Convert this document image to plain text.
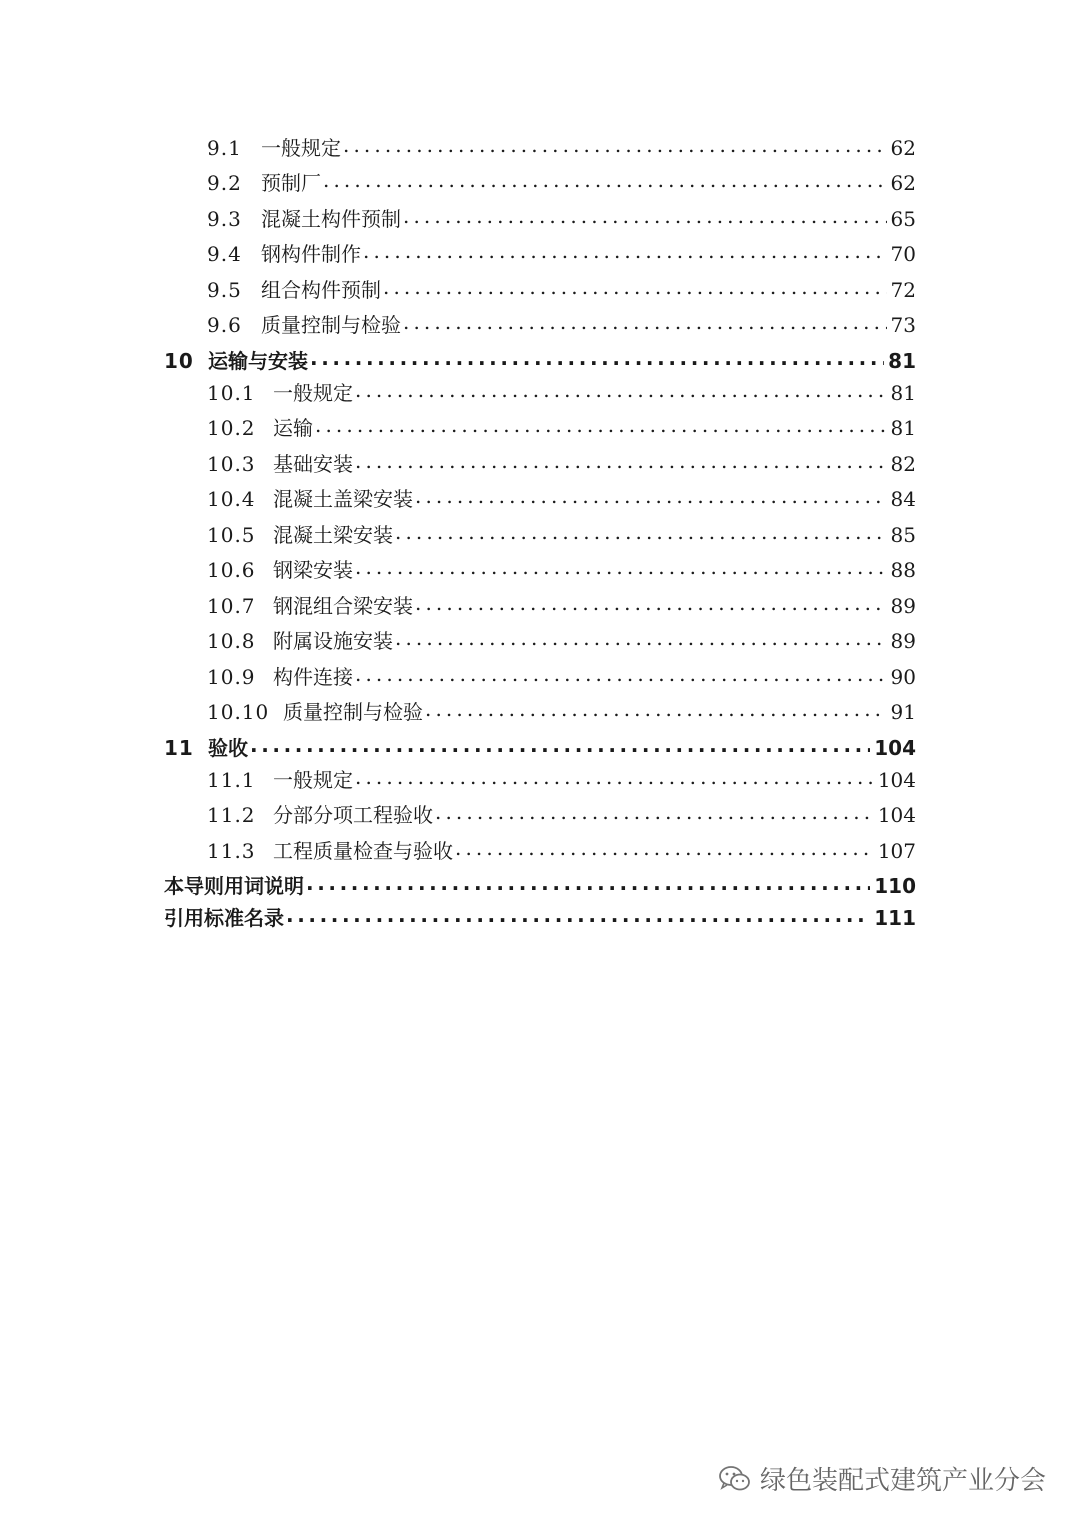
9.1 一般规定 .....	62
9.2 预制厂 .....	62
9.3 混凝土构件预制 .....	65
9.4 钢构件制作 .....	70
9.5 组合构件预制 .....	72
9.6 质量控制与检验 .....	73
10 运输与安装 .....	81
10.1 一般规定 .....	81
10.2 运输 .....	81
10.3 基础安装 .....	82
10.4 混凝土盖梁安装 .....	84
10.5 混凝土梁安装 .....	85
10.6 钢梁安装 .....	88
10.7 钢混组合梁安装 .....	89
10.8 附属设施安装 .....	89
10.9 构件连接 .....	90
10.10 质量控制与检验 .....	91
11 验收 .....	104
11.1 一般规定 .....	104
11.2 分部分项工程验收 .....	104
11.3 工程质量检查与验收 .....	107
本导则用词说明 .....	110
引用标准名录 .....	111
绿色装配式建筑产业分会
